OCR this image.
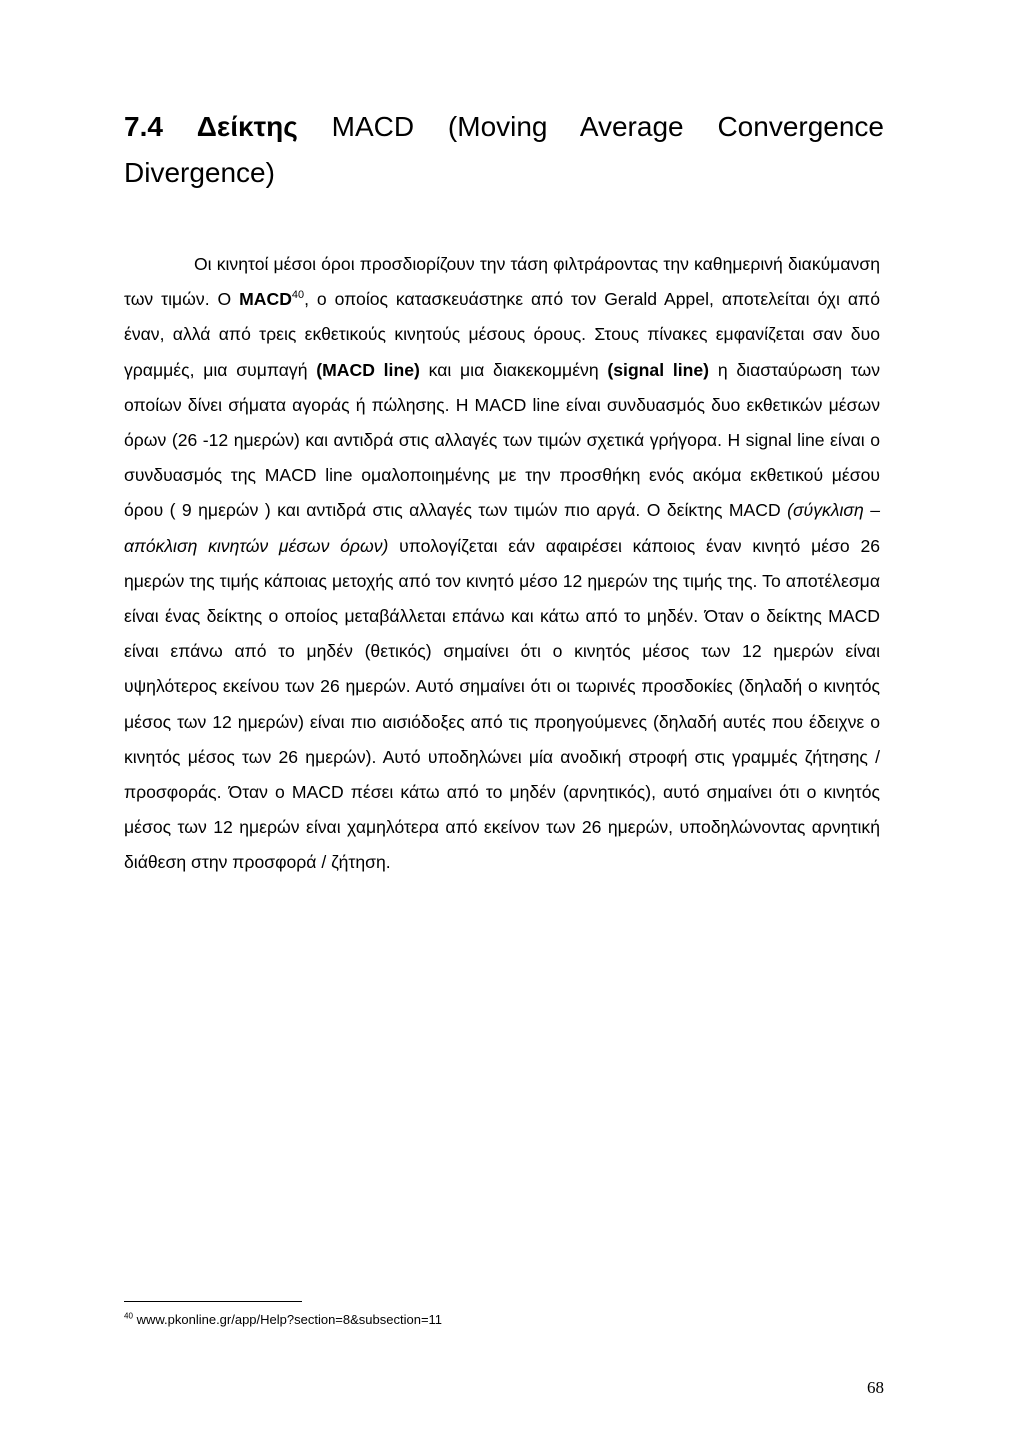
7.4 Δείκτης MACD (Moving Average Convergence
Divergence)

Οι κινητοί μέσοι όροι προσδιορίζουν την τάση φιλτράροντας την καθημερινή διακύμανση των τιμών. Ο MACD$^{40}$, ο οποίος κατασκευάστηκε από τον Gerald Appel, αποτελείται όχι από έναν, αλλά από τρεις εκθετικούς κινητούς μέσους όρους. Στους πίνακες εμφανίζεται σαν δυο γραμμές, μια συμπαγή (MACD line) και μια διακεκομμένη (signal line) η διασταύρωση των οποίων δίνει σήματα αγοράς ή πώλησης. Η MACD line είναι συνδυασμός δυο εκθετικών μέσων όρων (26 -12 ημερών) και αντιδρά στις αλλαγές των τιμών σχετικά γρήγορα. Η signal line είναι ο συνδυασμός της MACD line ομαλοποιημένης με την προσθήκη ενός ακόμα εκθετικού μέσου όρου ( 9 ημερών ) και αντιδρά στις αλλαγές των τιμών πιο αργά. Ο δείκτης MACD (σύγκλιση – απόκλιση κινητών μέσων όρων) υπολογίζεται εάν αφαιρέσει κάποιος έναν κινητό μέσο 26 ημερών της τιμής κάποιας μετοχής από τον κινητό μέσο 12 ημερών της τιμής της. Το αποτέλεσμα είναι ένας δείκτης ο οποίος μεταβάλλεται επάνω και κάτω από το μηδέν. Όταν ο δείκτης MACD είναι επάνω από το μηδέν (θετικός) σημαίνει ότι ο κινητός μέσος των 12 ημερών είναι υψηλότερος εκείνου των 26 ημερών. Αυτό σημαίνει ότι οι τωρινές προσδοκίες (δηλαδή ο κινητός μέσος των 12 ημερών) είναι πιο αισιόδοξες από τις προηγούμενες (δηλαδή αυτές που έδειχνε ο κινητός μέσος των 26 ημερών). Αυτό υποδηλώνει μία ανοδική στροφή στις γραμμές ζήτησης / προσφοράς. Όταν ο MACD πέσει κάτω από το μηδέν (αρνητικός), αυτό σημαίνει ότι ο κινητός μέσος των 12 ημερών είναι χαμηλότερα από εκείνον των 26 ημερών, υποδηλώνοντας αρνητική διάθεση στην προσφορά / ζήτηση.

$^{40}$ www.pkonline.gr/app/Help?section=8&subsection=11
68
